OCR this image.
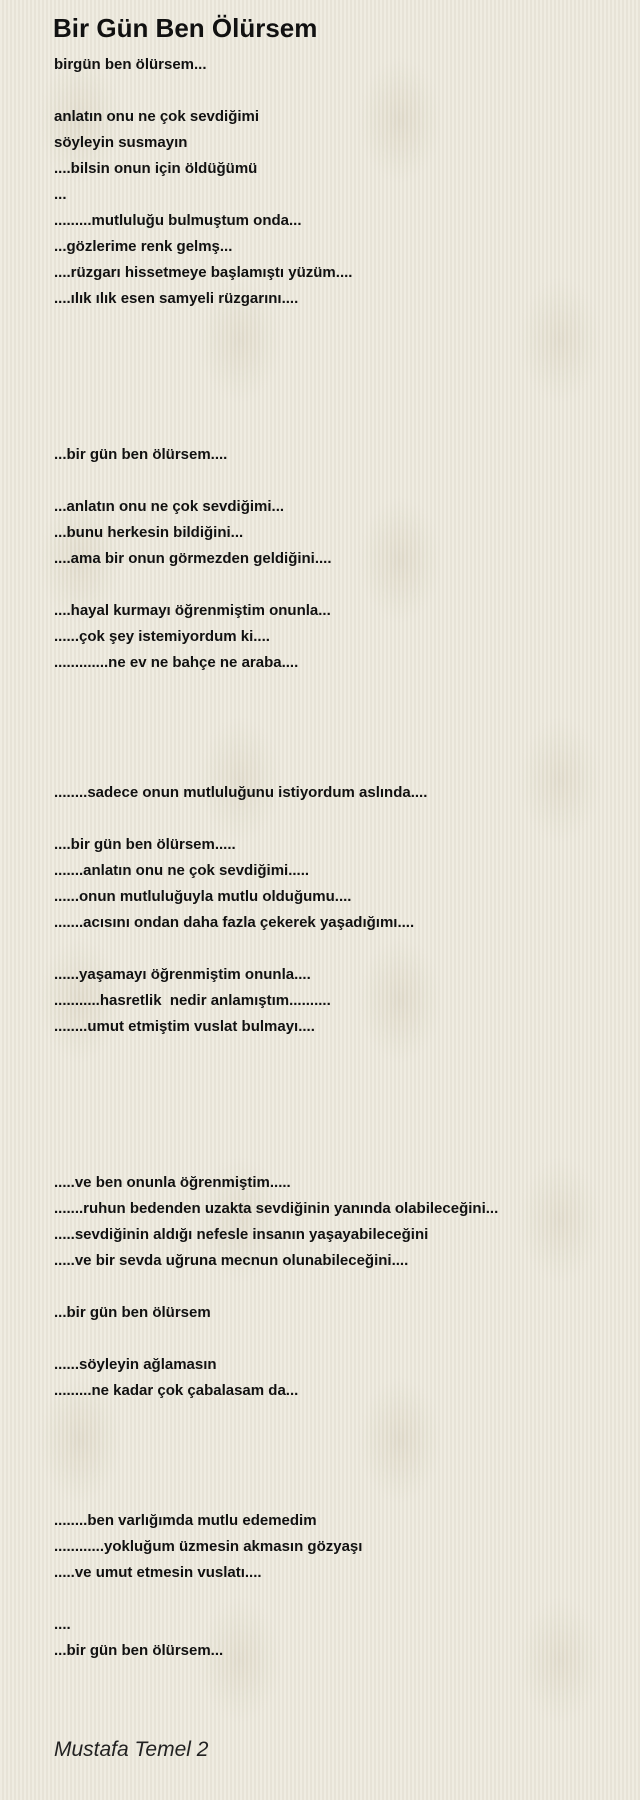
Bir Gün Ben Ölürsem
birgün ben ölürsem...
anlatın onu ne çok sevdiğimi
söyleyin susmayın
....bilsin onun için öldüğümü
...
.........mutluluğu bulmuştum onda...
...gözlerime renk gelmş...
....rüzgarı hissetmeye başlamıştı yüzüm....
....ılık ılık esen samyeli rüzgarını....
...bir gün ben ölürsem....
...anlatın onu ne çok sevdiğimi...
...bunu herkesin bildiğini...
....ama bir onun görmezden geldiğini....
....hayal kurmayı öğrenmiştim onunla...
......çok şey istemiyordum ki....
.............ne ev ne bahçe ne araba....
........sadece onun mutluluğunu istiyordum aslında....
....bir gün ben ölürsem.....
.......anlatın onu ne çok sevdiğimi.....
......onun mutluluğuyla mutlu olduğumu....
.......acısını ondan daha fazla çekerek yaşadığımı....
......yaşamayı öğrenmiştim onunla....
...........hasretlik  nedir anlamıştım..........
........umut etmiştim vuslat bulmayı....
.....ve ben onunla öğrenmiştim.....
.......ruhun bedenden uzakta sevdiğinin yanında olabileceğini...
.....sevdiğinin aldığı nefesle insanın yaşayabileceğini
.....ve bir sevda uğruna mecnun olunabileceğini....
...bir gün ben ölürsem
......söyleyin ağlamasın
.........ne kadar çok çabalasam da...
........ben varlığımda mutlu edemedim
............yokluğum üzmesin akmasın gözyaşı
.....ve umut etmesin vuslatı....
....
...bir gün ben ölürsem...
Mustafa Temel 2
